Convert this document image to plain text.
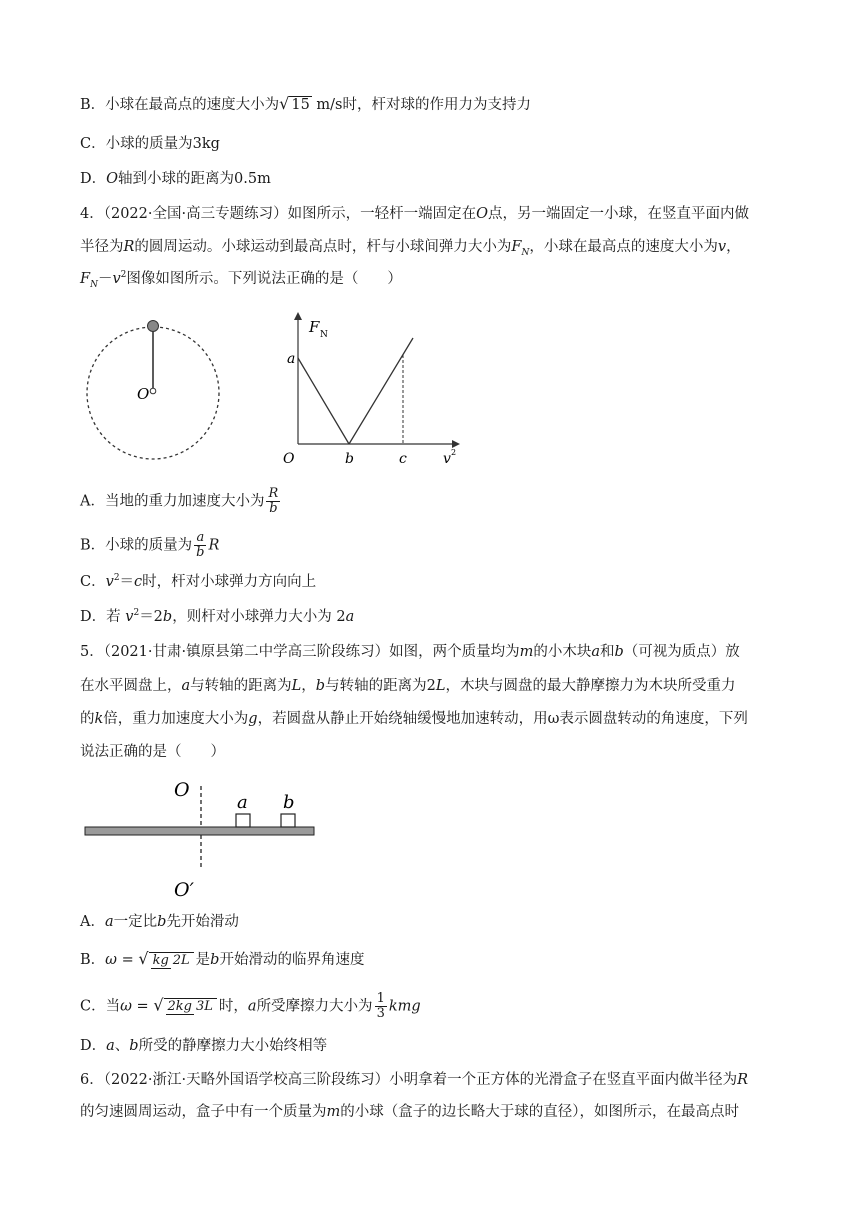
B．小球在最高点的速度大小为√ 15 m/s时，杆对球的作用力为支持力
C．小球的质量为3kg
D．O轴到小球的距离为0.5m
4．（2022·全国·高三专题练习）如图所示，一轻杆一端固定在O点，另一端固定一小球，在竖直平面内做
半径为R的圆周运动。小球运动到最高点时，杆与小球间弹力大小为$F_N$，小球在最高点的速度大小为v，
$F_N-v^2$图像如图所示。下列说法正确的是（　　）
O
F N
a
O	b	c	v 2
A．当地的重力加速度大小为 $\frac{R}{b}$
B．小球的质量为 $\frac{a}{b}$ R
C．$v^2=c$时，杆对小球弹力方向向上
D．若 $v^2=2b$，则杆对小球弹力大小为 2a
5．（2021·甘肃·镇原县第二中学高三阶段练习）如图，两个质量均为m的小木块a和b（可视为质点）放
在水平圆盘上，a与转轴的距离为L，b与转轴的距离为2L，木块与圆盘的最大静摩擦力为木块所受重力
的k倍，重力加速度大小为g，若圆盘从静止开始绕轴缓慢地加速转动，用ω表示圆盘转动的角速度，下列
说法正确的是（　　）
O
O′
a b
A．a一定比b先开始滑动
B．ω = √ kg 2L 是b开始滑动的临界角速度
C．当ω = √ 2kg 3L 时，a所受摩擦力大小为 $\frac{1}{3}$ kmg
D．a、b所受的静摩擦力大小始终相等
6．（2022·浙江·天略外国语学校高三阶段练习）小明拿着一个正方体的光滑盒子在竖直平面内做半径为R
的匀速圆周运动，盒子中有一个质量为m的小球（盒子的边长略大于球的直径），如图所示，在最高点时
